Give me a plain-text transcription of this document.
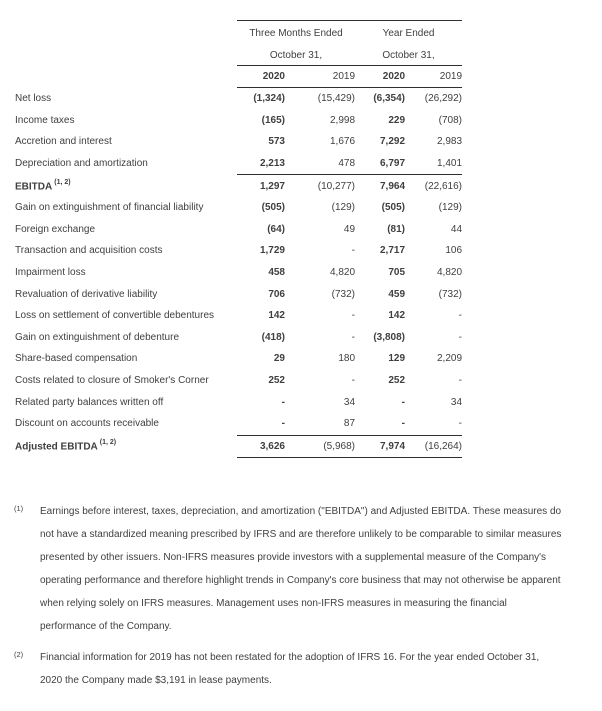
	Three Months Ended		Year Ended	
	October 31,		October 31,	
	2020	2019	2020	2019
Net loss	(1,324)	(15,429)	(6,354)	(26,292)
Income taxes	(165)	2,998	229	(708)
Accretion and interest	573	1,676	7,292	2,983
Depreciation and amortization	2,213	478	6,797	1,401
EBITDA $^{(1, 2)}$	1,297	(10,277)	7,964	(22,616)
Gain on extinguishment of financial liability	(505)	(129)	(505)	(129)
Foreign exchange	(64)	49	(81)	44
Transaction and acquisition costs	1,729	-	2,717	106
Impairment loss	458	4,820	705	4,820
Revaluation of derivative liability	706	(732)	459	(732)
Loss on settlement of convertible debentures	142	-	142	-
Gain on extinguishment of debenture	(418)	-	(3,808)	-
Share-based compensation	29	180	129	2,209
Costs related to closure of Smoker's Corner	252	-	252	-
Related party balances written off	-	34	-	34
Discount on accounts receivable	-	87	-	-
Adjusted EBITDA $^{(1, 2)}$	3,626	(5,968)	7,974	(16,264)
(1)	Earnings before interest, taxes, depreciation, and amortization ("EBITDA") and Adjusted EBITDA. These measures do
not have a standardized meaning prescribed by IFRS and are therefore unlikely to be comparable to similar measures
presented by other issuers. Non-IFRS measures provide investors with a supplemental measure of the Company's
operating performance and therefore highlight trends in Company's core business that may not otherwise be apparent
when relying solely on IFRS measures. Management uses non-IFRS measures in measuring the financial
performance of the Company.
(2)	Financial information for 2019 has not been restated for the adoption of IFRS 16. For the year ended October 31,
2020 the Company made $3,191 in lease payments.
